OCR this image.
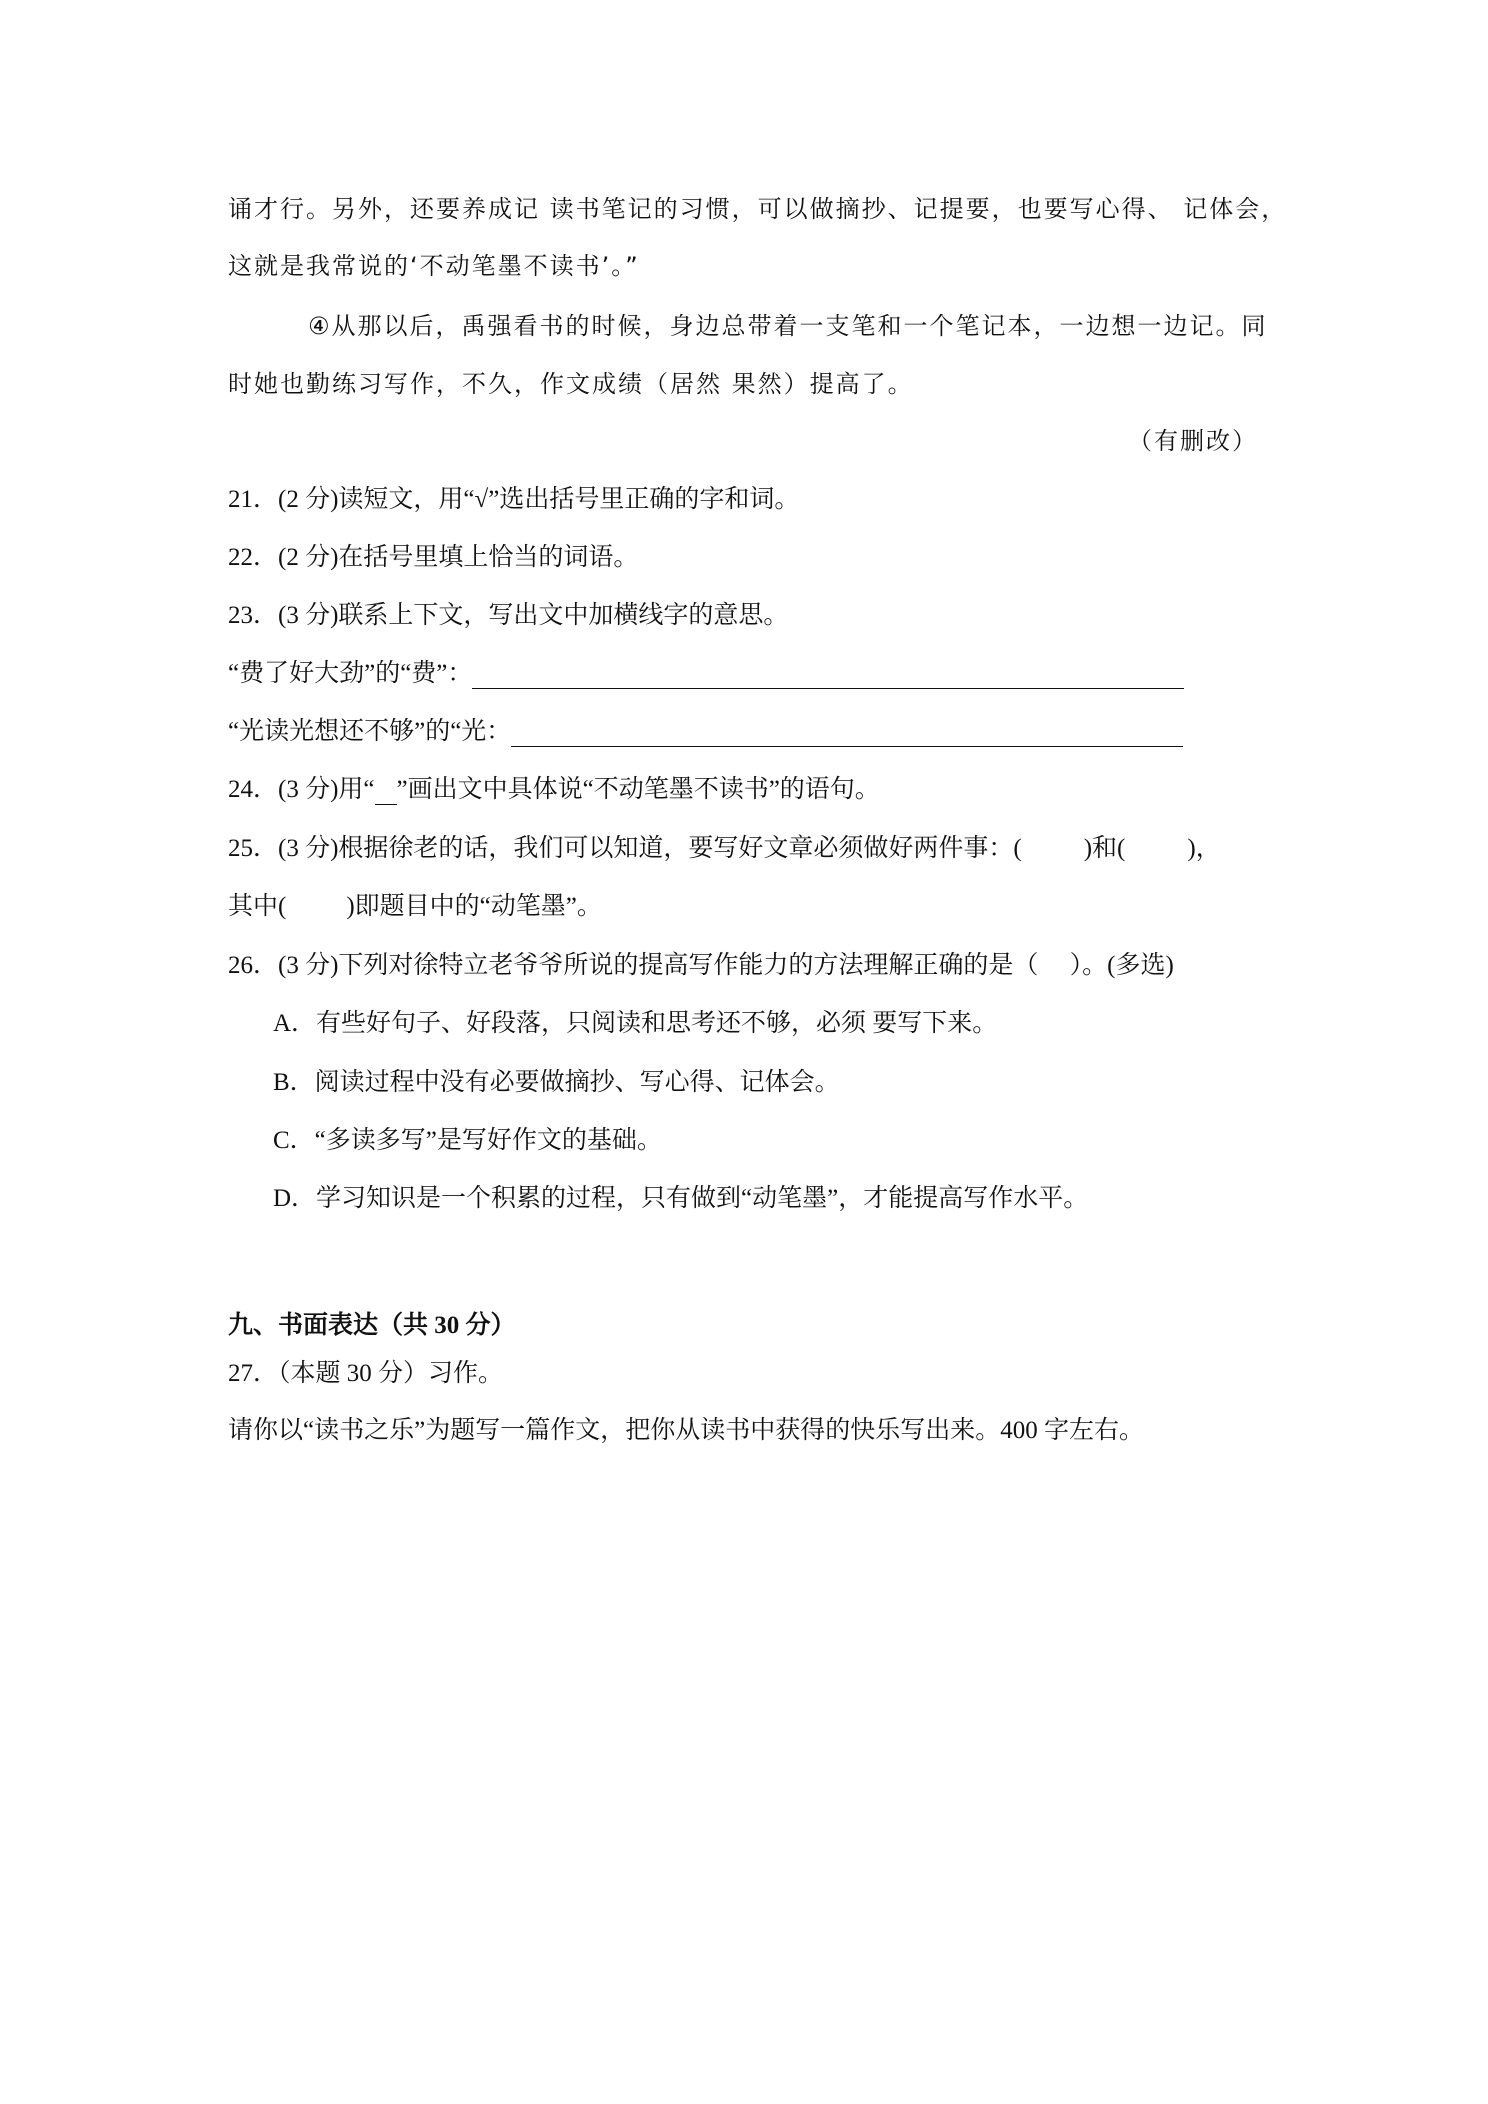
诵才行。另外，还要养成记 读书笔记的习惯，可以做摘抄、记提要，也要写心得、 记体会，
这就是我常说的‘不动笔墨不读书’。”
④从那以后，禹强看书的时候，身边总带着一支笔和一个笔记本，一边想一边记。同
时她也勤练习写作，不久，作文成绩（居然 果然）提高了。
（有删改）
21．(2 分)读短文，用“√”选出括号里正确的字和词。
22．(2 分)在括号里填上恰当的词语。
23．(3 分)联系上下文，写出文中加横线字的意思。
“费了好大劲”的“费”：
“光读光想还不够”的“光：
24．(3 分)用“ ”画出文中具体说“不动笔墨不读书”的语句。
25．(3 分)根据徐老的话，我们可以知道，要写好文章必须做好两件事：( )和( )，
其中( )即题目中的“动笔墨”。
26．(3 分)下列对徐特立老爷爷所说的提高写作能力的方法理解正确的是（　 ）。(多选)
A．有些好句子、好段落，只阅读和思考还不够，必须 要写下来。
B．阅读过程中没有必要做摘抄、写心得、记体会。
C．“多读多写”是写好作文的基础。
D．学习知识是一个积累的过程，只有做到“动笔墨”，才能提高写作水平。
九、书面表达（共 30 分）
27．（本题 30 分）习作。
请你以“读书之乐”为题写一篇作文，把你从读书中获得的快乐写出来。400 字左右。
